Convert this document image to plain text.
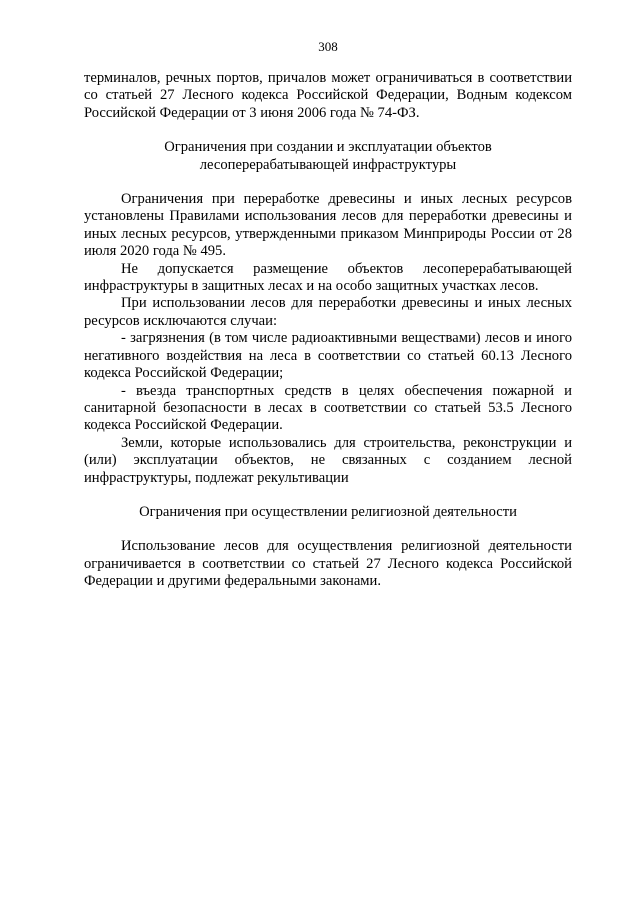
308

терминалов, речных портов, причалов может ограничиваться в соответствии со статьей 27 Лесного кодекса Российской Федерации, Водным кодексом Российской Федерации от 3 июня 2006 года № 74-ФЗ.

Ограничения при создании и эксплуатации объектов
лесоперерабатывающей инфраструктуры

Ограничения при переработке древесины и иных лесных ресурсов установлены Правилами использования лесов для переработки древесины и иных лесных ресурсов, утвержденными приказом Минприроды России от 28 июля 2020 года № 495.

Не допускается размещение объектов лесоперерабатывающей инфраструктуры в защитных лесах и на особо защитных участках лесов.

При использовании лесов для переработки древесины и иных лесных ресурсов исключаются случаи:

- загрязнения (в том числе радиоактивными веществами) лесов и иного негативного воздействия на леса в соответствии со статьей 60.13 Лесного кодекса Российской Федерации;

- въезда транспортных средств в целях обеспечения пожарной и санитарной безопасности в лесах в соответствии со статьей 53.5 Лесного кодекса Российской Федерации.

Земли, которые использовались для строительства, реконструкции и (или) эксплуатации объектов, не связанных с созданием лесной инфраструктуры, подлежат рекультивации

Ограничения при осуществлении религиозной деятельности

Использование лесов для осуществления религиозной деятельности ограничивается в соответствии со статьей 27 Лесного кодекса Российской Федерации и другими федеральными законами.
